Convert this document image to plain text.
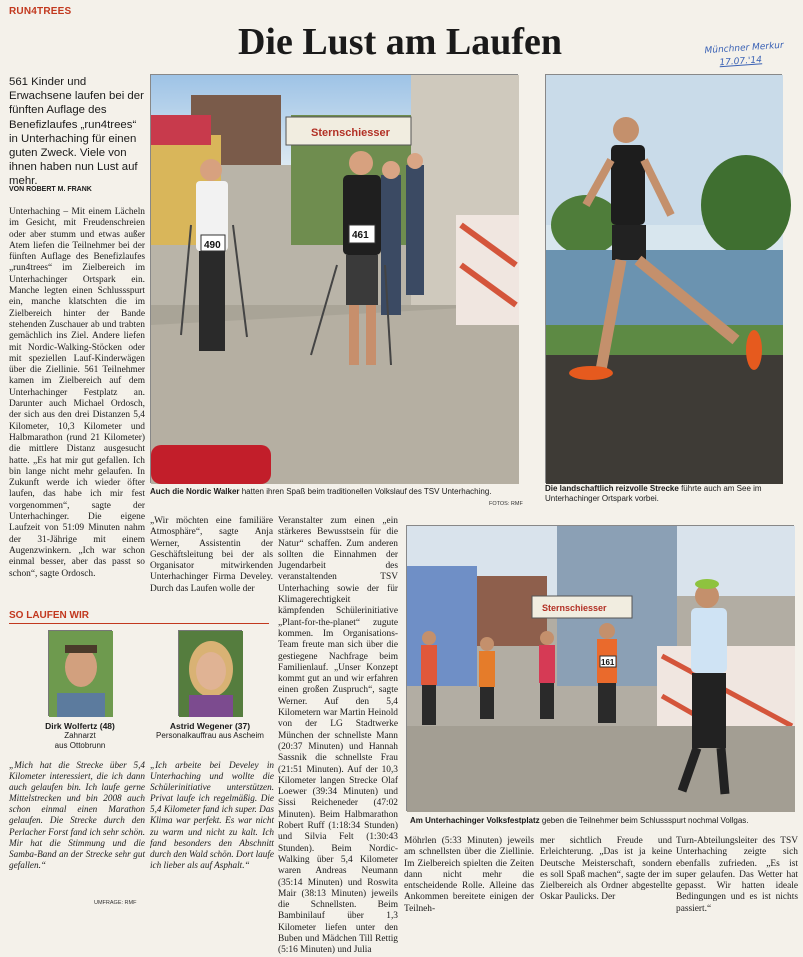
RUN4TREES
Die Lust am Laufen	Münchner Merkur
17.07.'14
561 Kinder und Erwachsene laufen bei der fünften Auflage des Benefizlaufes „run4trees“ in Unterhaching für einen guten Zweck. Viele von ihnen haben nun Lust auf mehr.
VON ROBERT M. FRANK
Unterhaching – Mit einem Lächeln im Gesicht, mit Freudenschreien oder aber stumm und etwas außer Atem liefen die Teilnehmer bei der fünften Auflage des Benefizlaufes „run4trees“ im Zielbereich im Unterhachinger Ortspark ein. Manche legten einen Schlussspurt ein, manche klatschten die im Zielbereich hinter der Bande stehenden Zuschauer ab und trabten gemächlich ins Ziel. Andere liefen mit Nordic-Walking-Stöcken oder mit speziellen Lauf-Kinderwägen über die Ziellinie. 561 Teilnehmer kamen im Zielbereich auf dem Unterhachinger Festplatz an. Darunter auch Michael Ordosch, der sich aus den drei Distanzen 5,4 Kilometer, 10,3 Kilometer und Halbmarathon (rund 21 Kilometer) die mittlere Distanz ausgesucht hatte. „Es hat mir gut gefallen. Ich bin lange nicht mehr gelaufen. In Zukunft werde ich wieder öfter laufen, das habe ich mir fest vorgenommen“, sagte der Unterhachinger. Die eigene Laufzeit von 51:09 Minuten nahm der 31-Jährige mit einem Augenzwinkern. „Ich war schon einmal besser, aber das passt so schon“, sagte Ordosch.
Sternschiesser
490
461
Auch die Nordic Walker hatten ihren Spaß beim traditionellen Volkslauf des TSV Unterhaching.
FOTOS: RMF
Die landschaftlich reizvolle Strecke führte auch am See im Unterhachinger Ortspark vorbei.
„Wir möchten eine familiäre Atmosphäre“, sagte Anja Werner, Assistentin der Geschäftsleitung bei der als Organisator mitwirkenden Unterhachinger Firma Develey. Durch das Laufen wolle der
Veranstalter zum einen „ein stärkeres Bewusstsein für die Natur“ schaffen. Zum anderen sollten die Einnahmen der Jugendarbeit des veranstaltenden TSV Unterhaching sowie der für Klimagerechtigkeit kämpfenden Schülerinitiative „Plant-for-the-planet“ zugute kommen. Im Organisations-Team freute man sich über die gestiegene Nachfrage beim Familienlauf. „Unser Konzept kommt gut an und wir erfahren einen großen Zuspruch“, sagte Werner. Auf den 5,4 Kilometern war Martin Heinold von der LG Stadtwerke München der schnellste Mann (20:37 Minuten) und Hannah Sassnik die schnellste Frau (21:51 Minuten). Auf der 10,3 Kilometer langen Strecke Olaf Loewer (39:34 Minuten) und Sissi Reicheneder (47:02 Minuten). Beim Halbmarathon Robert Ruff (1:18:34 Stunden) und Silvia Felt (1:30:43 Stunden). Beim Nordic-Walking über 5,4 Kilometer waren Andreas Neumann (35:14 Minuten) und Roswita Mair (38:13 Minuten) jeweils die Schnellsten. Beim Bambinilauf über 1,3 Kilometer liefen unter den Buben und Mädchen Till Rettig (5:16 Minuten) und Julia
Sternschiesser
161
Am Unterhachinger Volksfestplatz geben die Teilnehmer beim Schlussspurt nochmal Vollgas.
Möhrlen (5:33 Minuten) jeweils am schnellsten über die Ziellinie. Im Zielbereich spielten die Zeiten dann nicht mehr die entscheidende Rolle. Alleine das Ankommen bereitete einigen der Teilneh-
mer sichtlich Freude und Erleichterung. „Das ist ja keine Deutsche Meisterschaft, sondern es soll Spaß machen“, sagte der im Zielbereich als Ordner abgestellte Oskar Paulicks. Der
Turn-Abteilungsleiter des TSV Unterhaching zeigte sich ebenfalls zufrieden. „Es ist super gelaufen. Das Wetter hat gepasst. Wir hatten ideale Bedingungen und es ist nichts passiert.“
SO LAUFEN WIR
Dirk Wolfertz (48)
Zahnarzt
aus Ottobrunn
Astrid Wegener (37)
Personalkauffrau aus Ascheim
„Mich hat die Strecke über 5,4 Kilometer interessiert, die ich dann auch gelaufen bin. Ich laufe gerne Mittelstrecken und bin 2008 auch schon einmal einen Marathon gelaufen. Die Strecke durch den Perlacher Forst fand ich sehr schön. Mir hat die Stimmung und die Samba-Band an der Strecke sehr gut gefallen.“
UMFRAGE: RMF
„Ich arbeite bei Develey in Unterhaching und wollte die Schülerinitiative unterstützen. Privat laufe ich regelmäßig. Die 5,4 Kilometer fand ich super. Das Klima war perfekt. Es war nicht zu warm und nicht zu kalt. Ich fand besonders den Abschnitt durch den Wald schön. Dort laufe ich lieber als auf Asphalt.“
